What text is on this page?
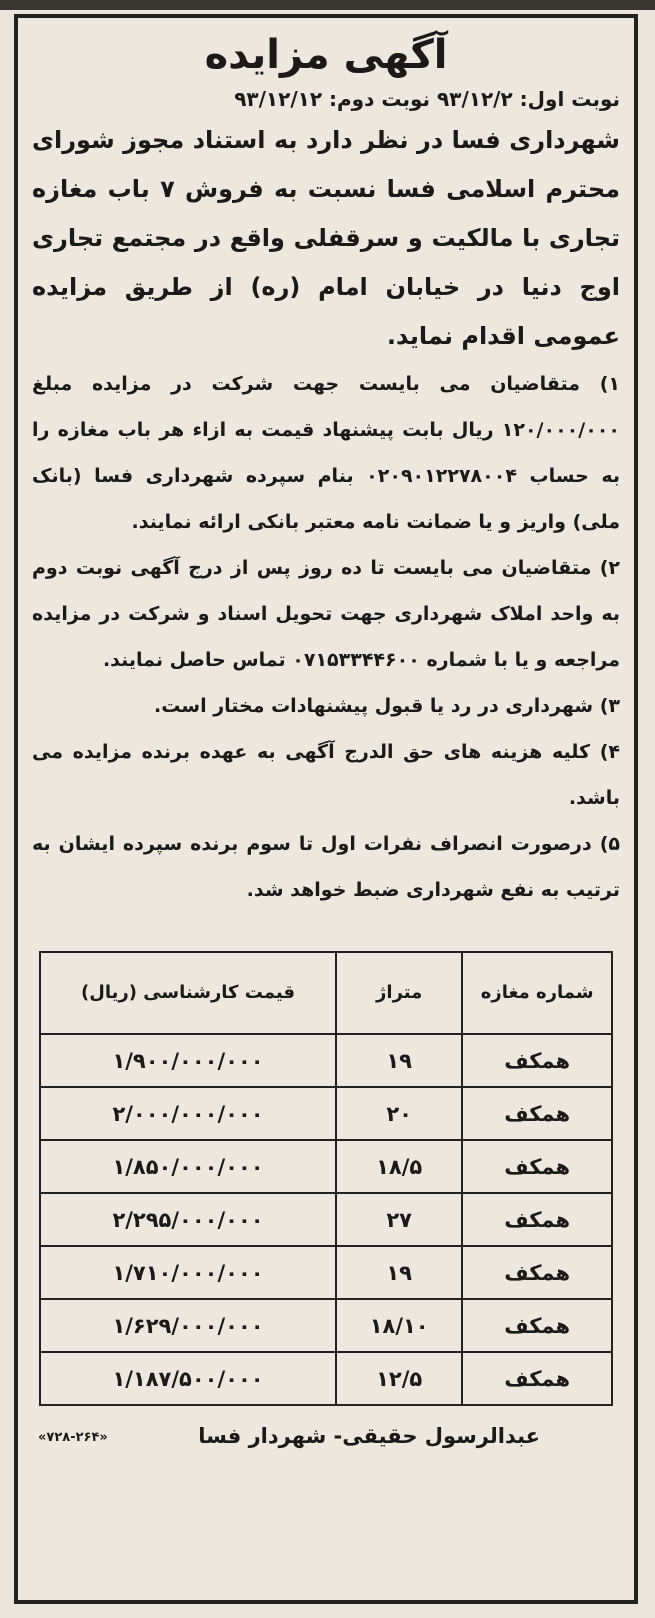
آگهی مزایده
نوبت اول: ۹۳/۱۲/۲ نوبت دوم: ۹۳/۱۲/۱۲

شهرداری فسا در نظر دارد به استناد مجوز شورای محترم اسلامی فسا نسبت به فروش ۷ باب مغازه تجاری با مالکیت و سرقفلی واقع در مجتمع تجاری اوج دنیا در خیابان امام (ره) از طریق مزایده عمومی اقدام نماید.

۱) متقاضیان می بایست جهت شرکت در مزایده مبلغ ۱۲۰/۰۰۰/۰۰۰ ریال بابت پیشنهاد قیمت به ازاء هر باب مغازه را به حساب ۰۲۰۹۰۱۲۲۷۸۰۰۴ بنام سپرده شهرداری فسا (بانک ملی) واریز و یا ضمانت نامه معتبر بانکی ارائه نمایند.

۲) متقاضیان می بایست تا ده روز پس از درج آگهی نوبت دوم به واحد املاک شهرداری جهت تحویل اسناد و شرکت در مزایده مراجعه و یا با شماره ۰۷۱۵۳۳۴۴۶۰۰ تماس حاصل نمایند.

۳) شهرداری در رد یا قبول پیشنهادات مختار است.

۴) کلیه هزینه های حق الدرج آگهی به عهده برنده مزایده می باشد.

۵) درصورت انصراف نفرات اول تا سوم برنده سپرده ایشان به ترتیب به نفع شهرداری ضبط خواهد شد.

شماره مغازه	متراژ	قیمت کارشناسی (ریال)
همکف	۱۹	۱/۹۰۰/۰۰۰/۰۰۰
همکف	۲۰	۲/۰۰۰/۰۰۰/۰۰۰
همکف	۱۸/۵	۱/۸۵۰/۰۰۰/۰۰۰
همکف	۲۷	۲/۲۹۵/۰۰۰/۰۰۰
همکف	۱۹	۱/۷۱۰/۰۰۰/۰۰۰
همکف	۱۸/۱۰	۱/۶۲۹/۰۰۰/۰۰۰
همکف	۱۲/۵	۱/۱۸۷/۵۰۰/۰۰۰
عبدالرسول حقیقی- شهردار فسا
«۷۲۸-۲۶۴»
